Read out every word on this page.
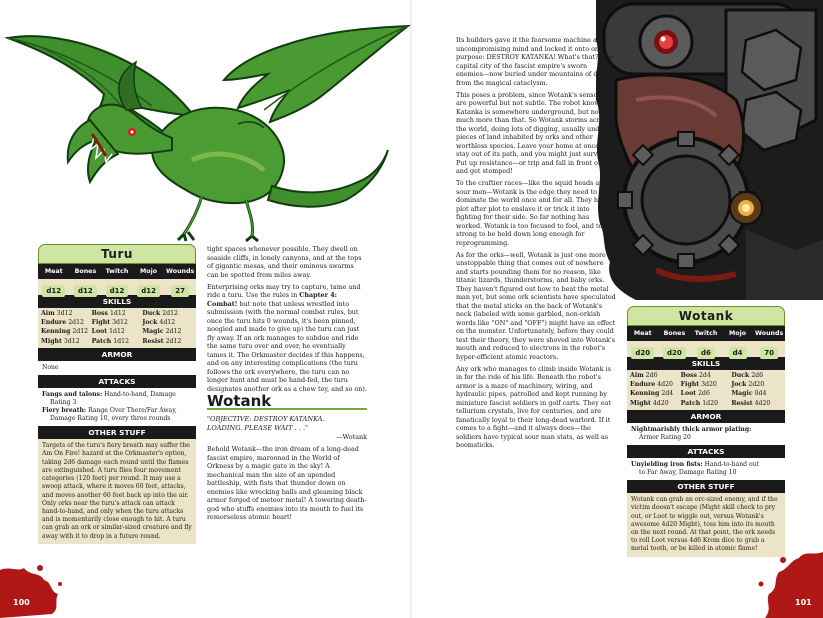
Turu
Meat	Bones	Twitch	Mojo	Wounds
d12	d12	d12	d12	27
SKILLS
Aim 3d12	Boss 1d12	Duck 2d12
Endure 2d12	Fight 3d12	Jock 4d12
Kenning 2d12 Loot 1d12	Magic 2d12
Might 3d12	Patch 1d12	Resist 2d12
ARMOR
None
ATTACKS
Fangs and talons: Hand-to-hand, Damage
Rating 3
Fiery breath: Range Over There/Far Away,
Damage Rating 10, every three rounds
OTHER STUFF
Targets of the turu's fiery breath may suffer the Am On Fire! hazard at the Orkmaster's option, taking 2d6 damage each round until the flames are extinguished. A turu flies four movement categories (120 feet) per round. It may use a swoop attack, where it moves 60 feet, attacks, and moves another 60 feet back up into the air. Only orks near the turu's attack can attack hand-to-hand, and only when the turu attacks and is momentarily close enough to hit. A turu can grab an ork or similar-sized creature and fly away with it to drop in a future round.

tight spaces whenever possible. They dwell on seaside cliffs, in lonely canyons, and at the tops of gigantic mesas, and their ominous swarms can be spotted from miles away.

Enterprising orks may try to capture, tame and ride a turu. Use the rules in Chapter 4: Combat! but note that unless wrestled into submission (with the normal combat rules, but once the turu hits 0 wounds, it's been pinned, noogied and made to give up) the turu can just fly away. If an ork manages to subdue and ride the same turu over and over, he eventually tames it. The Orkmaster decides if this happens, and on any interesting complications (the turu follows the ork everywhere, the turu can no longer hunt and must be hand-fed, the turu designates another ork as a chew toy, and so on).

Wotank
"OBJECTIVE: DESTROY KATANKA.
LOADING. PLEASE WAIT . . ."
—Wotank

Behold Wotank—the iron dream of a long-dead fascist empire, marooned in the World of Orkness by a magic gate in the sky! A mechanical man the size of an upended battleship, with fists that thunder down on enemies like wrecking balls and gleaming black armor forged of meteor metal! A towering death-god who stuffs enemies into its mouth to fuel its remorseless atomic heart!

Its builders gave it the fearsome machine an uncompromising mind and locked it onto one purpose: DESTROY KATANKA! What's that? The capital city of the fascist empire's sworn enemies—now buried under mountains of debris from the magical cataclysm.

This poses a problem, since Wotank's sensors are powerful but not subtle. The robot knows Katanka is somewhere underground, but not much more than that. So Wotank storms across the world, doing lots of digging, usually under pieces of land inhabited by orks and other worthless species. Leave your home at once and stay out of its path, and you might just survive. Put up resistance—or trip and fall in front of it—and get stomped!

To the craftier races—like the squid heads and sour men—Wotank is the edge they need to dominate the world once and for all. They hatch plot after plot to enslave it or trick it into fighting for their side. So far nothing has worked. Wotank is too focused to fool, and too strong to be held down long enough for reprogramming.

As for the orks—well, Wotank is just one more unstoppable thing that comes out of nowhere and starts pounding them for no reason, like titanic lizards, thunderstorms, and baby orks. They haven't figured out how to beat the metal man yet, but some ork scientists have speculated that the metal sticks on the back of Wotank's neck (labeled with some garbled, non-orkish words like "ON" and "OFF") might have an effect on the monster. Unfortunately, before they could test their theory, they were shoved into Wotank's mouth and reduced to electrons in the robot's hyper-efficient atomic reactors.

Any ork who manages to climb inside Wotank is in for the ride of his life. Beneath the robot's armor is a maze of machinery, wiring, and hydraulic pipes, patrolled and kept running by miniature fascist soldiers in golf carts. They eat tellurium crystals, live for centuries, and are fanatically loyal to their long-dead warlord. If it comes to a fight—and it always does—the soldiers have typical sour man stats, as well as boomsticks.

Wotank
Meat	Bones	Twitch	Mojo	Wounds
d20	d20	d6	d4	70
SKILLS
Aim 2d6	Boss 2d4	Duck 2d6
Endure 4d20	Fight 3d20	Jock 2d20
Kenning 2d4	Loot 2d6	Magic 0d4
Might 4d20	Patch 1d20	Resist 4d20
ARMOR
Nightmarishly thick armor plating:
Armor Rating 20
ATTACKS
Unyielding iron fists: Hand-to-hand out
to Far Away, Damage Rating 10
OTHER STUFF
Wotank can grab an orc-sized enemy, and if the victim doesn't escape (Might skill check to pry out, or Loot to wiggle out, versus Wotank's awesome 4d20 Might), toss him into its mouth on the next round. At that point, the ork needs to roll Loot versus 4d6 Krom dice to grab a metal tooth, or be killed in atomic flame!
100	101
